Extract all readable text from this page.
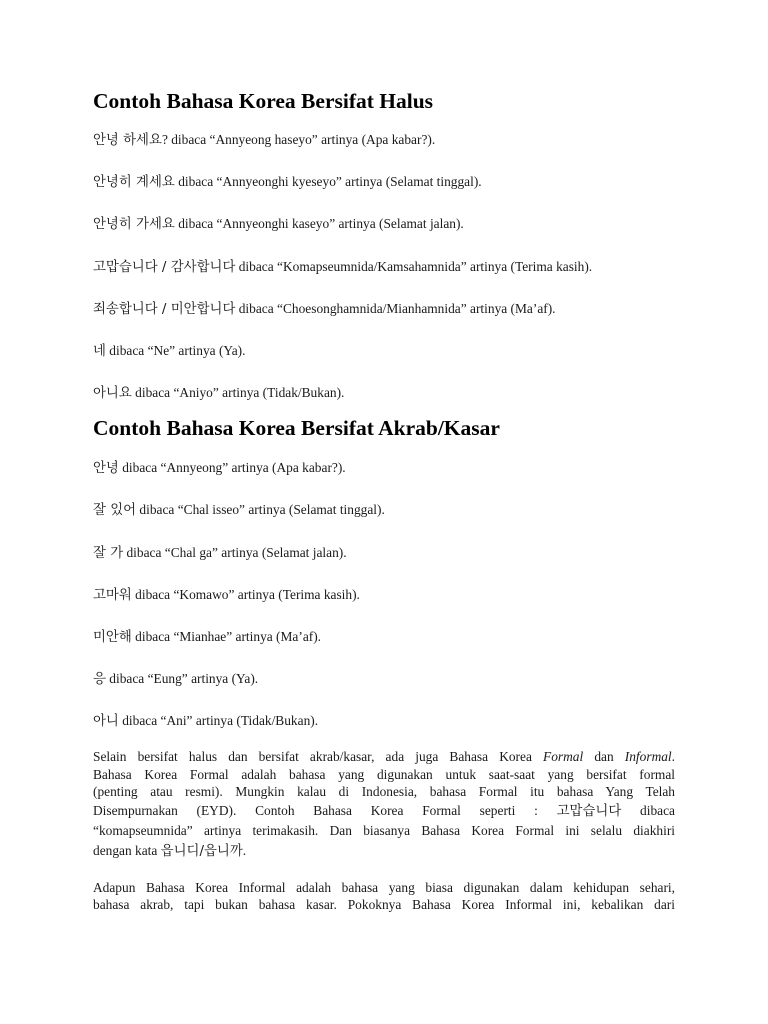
Contoh Bahasa Korea Bersifat Halus

안녕 하세요? dibaca “Annyeong haseyo” artinya (Apa kabar?).

안녕히 계세요 dibaca “Annyeonghi kyeseyo” artinya (Selamat tinggal).

안녕히 가세요 dibaca “Annyeonghi kaseyo” artinya (Selamat jalan).

고맙습니다 / 감사합니다 dibaca “Komapseumnida/Kamsahamnida” artinya (Terima kasih).

죄송합니다 / 미안합니다 dibaca “Choesonghamnida/Mianhamnida” artinya (Ma’af).

네 dibaca “Ne” artinya (Ya).

아니요 dibaca “Aniyo” artinya (Tidak/Bukan).

Contoh Bahasa Korea Bersifat Akrab/Kasar

안녕 dibaca “Annyeong” artinya (Apa kabar?).

잘 있어 dibaca “Chal isseo” artinya (Selamat tinggal).

잘 가 dibaca “Chal ga” artinya (Selamat jalan).

고마워 dibaca “Komawo” artinya (Terima kasih).

미안해 dibaca “Mianhae” artinya (Ma’af).

응 dibaca “Eung” artinya (Ya).

아니 dibaca “Ani” artinya (Tidak/Bukan).

Selain bersifat halus dan bersifat akrab/kasar, ada juga Bahasa Korea Formal dan Informal.
Bahasa Korea Formal adalah bahasa yang digunakan untuk saat-saat yang bersifat formal
(penting atau resmi). Mungkin kalau di Indonesia, bahasa Formal itu bahasa Yang Telah
Disempurnakan (EYD). Contoh Bahasa Korea Formal seperti : 고맙습니다 dibaca
“komapseumnida” artinya terimakasih. Dan biasanya Bahasa Korea Formal ini selalu diakhiri
dengan kata 읍니디/읍니까.

Adapun Bahasa Korea Informal adalah bahasa yang biasa digunakan dalam kehidupan sehari,
bahasa akrab, tapi bukan bahasa kasar. Pokoknya Bahasa Korea Informal ini, kebalikan dari
